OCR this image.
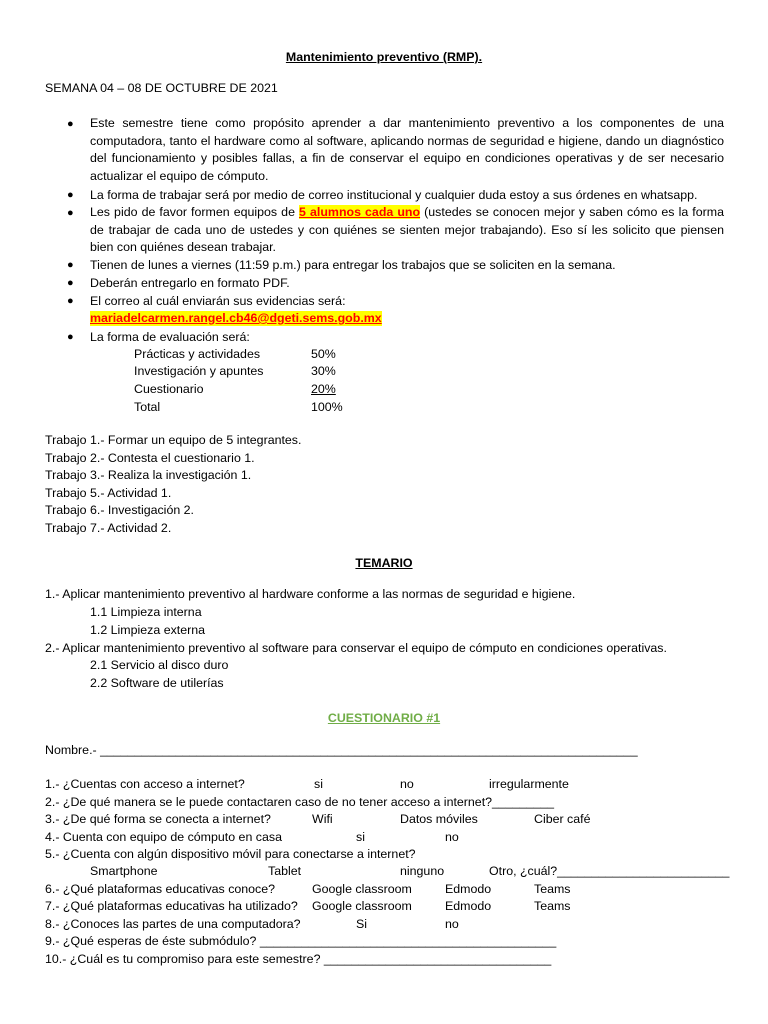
Mantenimiento preventivo (RMP).
SEMANA 04 – 08 DE OCTUBRE DE 2021
● Este semestre tiene como propósito aprender a dar mantenimiento preventivo a los componentes de una computadora, tanto el hardware como al software, aplicando normas de seguridad e higiene, dando un diagnóstico del funcionamiento y posibles fallas, a fin de conservar el equipo en condiciones operativas y de ser necesario actualizar el equipo de cómputo.
● La forma de trabajar será por medio de correo institucional y cualquier duda estoy a sus órdenes en whatsapp.
● Les pido de favor formen equipos de 5 alumnos cada uno (ustedes se conocen mejor y saben cómo es la forma de trabajar de cada uno de ustedes y con quiénes se sienten mejor trabajando). Eso sí les solicito que piensen bien con quiénes desean trabajar.
● Tienen de lunes a viernes (11:59 p.m.) para entregar los trabajos que se soliciten en la semana.
● Deberán entregarlo en formato PDF.
● El correo al cuál enviarán sus evidencias será:
mariadelcarmen.rangel.cb46@dgeti.sems.gob.mx
● La forma de evaluación será:
Prácticas y actividades	50%
Investigación y apuntes	30%
Cuestionario	20%
Total	100%
Trabajo 1.- Formar un equipo de 5 integrantes.
Trabajo 2.- Contesta el cuestionario 1.
Trabajo 3.- Realiza la investigación 1.
Trabajo 5.- Actividad 1.
Trabajo 6.- Investigación 2.
Trabajo 7.- Actividad 2.
TEMARIO
1.- Aplicar mantenimiento preventivo al hardware conforme a las normas de seguridad e higiene.
1.1 Limpieza interna
1.2 Limpieza externa
2.- Aplicar mantenimiento preventivo al software para conservar el equipo de cómputo en condiciones operativas.
2.1 Servicio al disco duro
2.2 Software de utilerías
CUESTIONARIO #1
Nombre.- ______________________________________________________________________________
1.- ¿Cuentas con acceso a internet?	si	no	irregularmente
2.- ¿De qué manera se le puede contactaren caso de no tener acceso a internet?_________
3.- ¿De qué forma se conecta a internet?	Wifi	Datos móviles	Ciber café
4.- Cuenta con equipo de cómputo en casa	si	no
5.- ¿Cuenta con algún dispositivo móvil para conectarse a internet?
Smartphone	Tablet	ninguno	Otro, ¿cuál?_________________________
6.- ¿Qué plataformas educativas conoce?	Google classroom	Edmodo	Teams
7.- ¿Qué plataformas educativas ha utilizado? Google classroom	Edmodo	Teams
8.- ¿Conoces las partes de una computadora?	Si	no
9.- ¿Qué esperas de éste submódulo? ___________________________________________
10.- ¿Cuál es tu compromiso para este semestre? _________________________________
